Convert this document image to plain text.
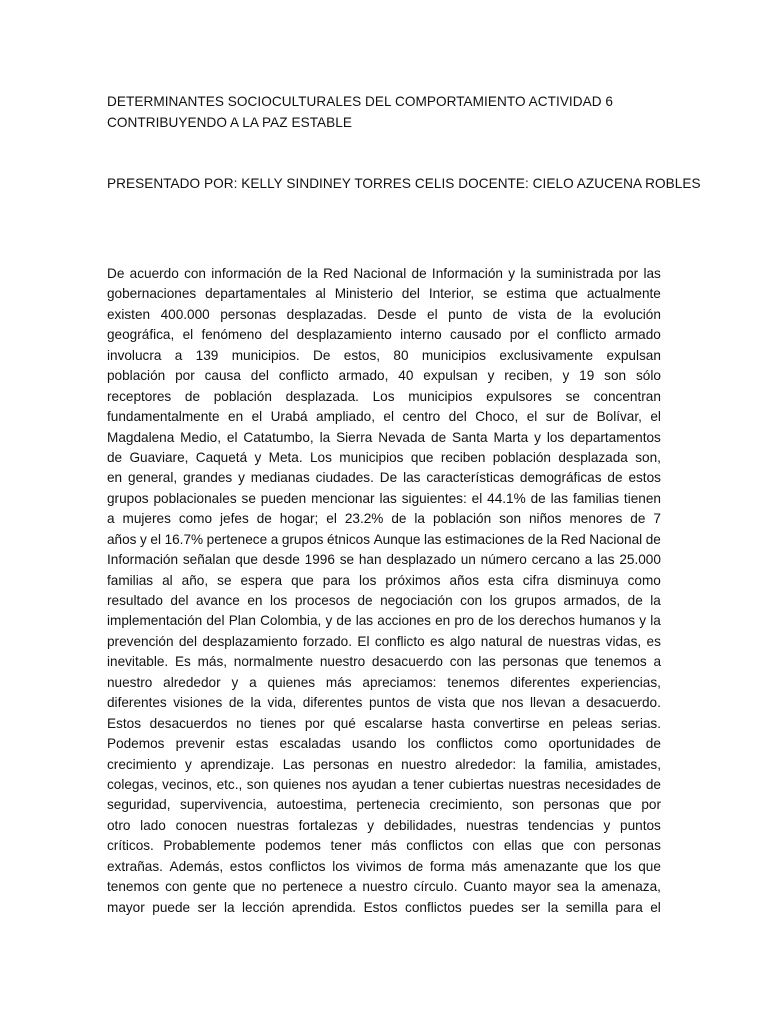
DETERMINANTES SOCIOCULTURALES DEL COMPORTAMIENTO ACTIVIDAD 6
CONTRIBUYENDO A LA PAZ ESTABLE
PRESENTADO POR: KELLY SINDINEY TORRES CELIS DOCENTE: CIELO AZUCENA ROBLES
De acuerdo con información de la Red Nacional de Información y la suministrada por las
gobernaciones departamentales al Ministerio del Interior, se estima que actualmente
existen 400.000 personas desplazadas. Desde el punto de vista de la evolución
geográfica, el fenómeno del desplazamiento interno causado por el conflicto armado
involucra a 139 municipios. De estos, 80 municipios exclusivamente expulsan
población por causa del conflicto armado, 40 expulsan y reciben, y 19 son sólo
receptores de población desplazada. Los municipios expulsores se concentran
fundamentalmente en el Urabá ampliado, el centro del Choco, el sur de Bolívar, el
Magdalena Medio, el Catatumbo, la Sierra Nevada de Santa Marta y los departamentos
de Guaviare, Caquetá y Meta. Los municipios que reciben población desplazada son,
en general, grandes y medianas ciudades. De las características demográficas de estos
grupos poblacionales se pueden mencionar las siguientes: el 44.1% de las familias tienen
a mujeres como jefes de hogar; el 23.2% de la población son niños menores de 7
años y el 16.7% pertenece a grupos étnicos Aunque las estimaciones de la Red Nacional de
Información señalan que desde 1996 se han desplazado un número cercano a las 25.000
familias al año, se espera que para los próximos años esta cifra disminuya como
resultado del avance en los procesos de negociación con los grupos armados, de la
implementación del Plan Colombia, y de las acciones en pro de los derechos humanos y la
prevención del desplazamiento forzado. El conflicto es algo natural de nuestras vidas, es
inevitable. Es más, normalmente nuestro desacuerdo con las personas que tenemos a
nuestro alrededor y a quienes más apreciamos: tenemos diferentes experiencias,
diferentes visiones de la vida, diferentes puntos de vista que nos llevan a desacuerdo.
Estos desacuerdos no tienes por qué escalarse hasta convertirse en peleas serias.
Podemos prevenir estas escaladas usando los conflictos como oportunidades de
crecimiento y aprendizaje. Las personas en nuestro alrededor: la familia, amistades,
colegas, vecinos, etc., son quienes nos ayudan a tener cubiertas nuestras necesidades de
seguridad, supervivencia, autoestima, pertenecia crecimiento, son personas que por
otro lado conocen nuestras fortalezas y debilidades, nuestras tendencias y puntos
críticos. Probablemente podemos tener más conflictos con ellas que con personas
extrañas. Además, estos conflictos los vivimos de forma más amenazante que los que
tenemos con gente que no pertenece a nuestro círculo. Cuanto mayor sea la amenaza,
mayor puede ser la lección aprendida. Estos conflictos puedes ser la semilla para el
